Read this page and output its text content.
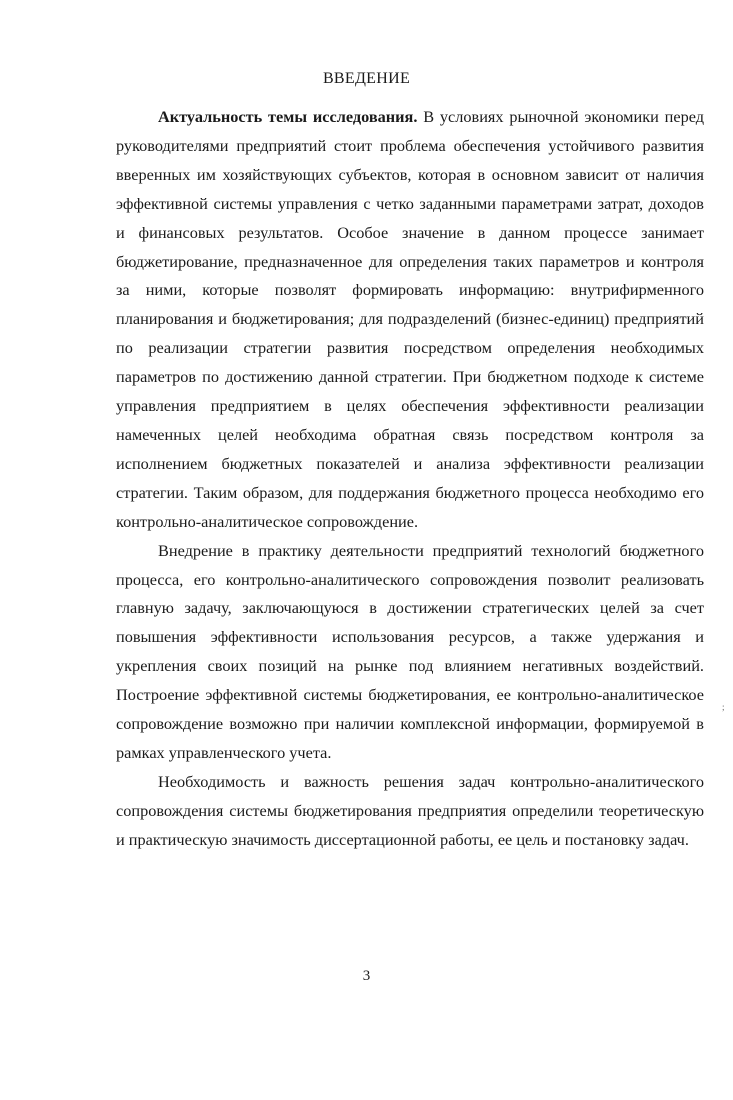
ВВЕДЕНИЕ

Актуальность темы исследования. В условиях рыночной экономики перед руководителями предприятий стоит проблема обеспечения устойчивого развития вверенных им хозяйствующих субъектов, которая в основном зависит от наличия эффективной системы управления с четко заданными параметрами затрат, доходов и финансовых результатов. Особое значение в данном процессе занимает бюджетирование, предназначенное для определения таких параметров и контроля за ними, которые позволят формировать информацию: внутрифирменного планирования и бюджетирования; для подразделений (бизнес-единиц) предприятий по реализации стратегии развития посредством определения необходимых параметров по достижению данной стратегии. При бюджетном подходе к системе управления предприятием в целях обеспечения эффективности реализации намеченных целей необходима обратная связь посредством контроля за исполнением бюджетных показателей и анализа эффективности реализации стратегии. Таким образом, для поддержания бюджетного процесса необходимо его контрольно-аналитическое сопровождение.

Внедрение в практику деятельности предприятий технологий бюджетного процесса, его контрольно-аналитического сопровождения позволит реализовать главную задачу, заключающуюся в достижении стратегических целей за счет повышения эффективности использования ресурсов, а также удержания и укрепления своих позиций на рынке под влиянием негативных воздействий. Построение эффективной системы бюджетирования, ее контрольно-аналитическое сопровождение возможно при наличии комплексной информации, формируемой в рамках управленческого учета.

Необходимость и важность решения задач контрольно-аналитического сопровождения системы бюджетирования предприятия определили теоретическую и практическую значимость диссертационной работы, ее цель и постановку задач.

3
;
